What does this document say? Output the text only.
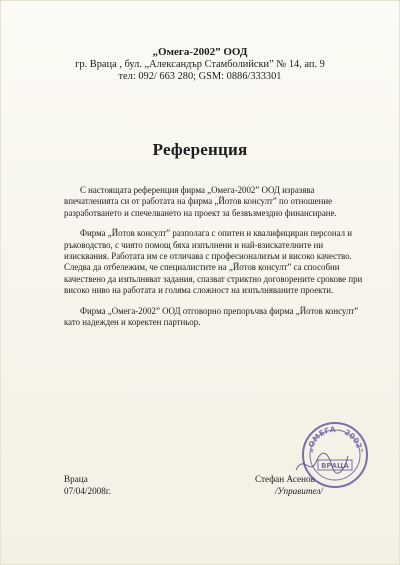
„Омега-2002” ООД
гр. Враца , бул. „Александър Стамболийски” № 14, ап. 9
тел: 092/ 663 280; GSM: 0886/333301
Референция

С настоящата референция фирма „Омега-2002” ООД изразява впечатленията си от работата на фирма „Йотов консулт” по отношение разработването и спечелването на проект за безвъзмездно финансиране.

Фирма „Йотов консулт” разполага с опитен и квалифициран персонал и ръководство, с чиято помощ бяха изпълнени и най-взискателните ни изисквания. Работата им се отличава с професионализъм и високо качество. Следва да отбележим, че специалистите на „Йотов консулт” са способни качествено да изпълняват задания, спазват стриктно договорените срокове при високо ниво на работата и голяма сложност на изпълняваните проекти.

Фирма „Омега-2002” ООД отговорно препоръчва фирма „Йотов консулт” като надежден и коректен партньор.

Враца
07/04/2008г.
Стефан Асенов
/Управител/
„ОМЕГА - 2002"
ВРАЦА
